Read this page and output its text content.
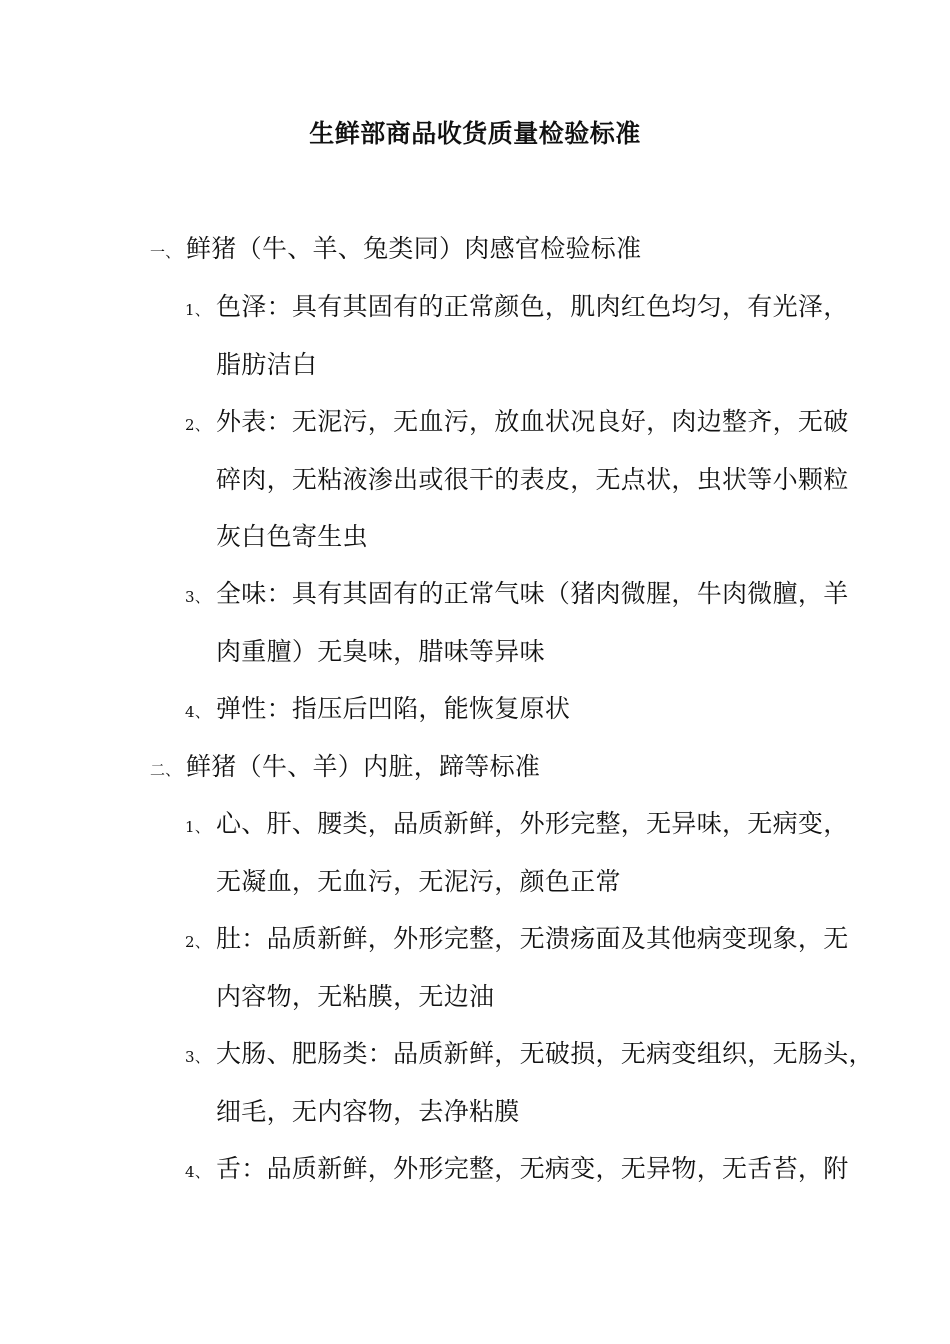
生鲜部商品收货质量检验标准
一、 鲜猪（牛、羊、兔类同）肉感官检验标准
1、 色泽：具有其固有的正常颜色，肌肉红色均匀，有光泽，
脂肪洁白
2、 外表：无泥污，无血污，放血状况良好，肉边整齐，无破
碎肉，无粘液渗出或很干的表皮，无点状，虫状等小颗粒
灰白色寄生虫
3、 全味：具有其固有的正常气味（猪肉微腥，牛肉微膻，羊
肉重膻）无臭味，腊味等异味
4、 弹性：指压后凹陷，能恢复原状
二、 鲜猪（牛、羊）内脏，蹄等标准
1、 心、肝、腰类，品质新鲜，外形完整，无异味，无病变，
无凝血，无血污，无泥污，颜色正常
2、 肚：品质新鲜，外形完整，无溃疡面及其他病变现象，无
内容物，无粘膜，无边油
3、 大肠、肥肠类：品质新鲜，无破损，无病变组织，无肠头，
细毛，无内容物，去净粘膜
4、 舌：品质新鲜，外形完整，无病变，无异物，无舌苔，附
